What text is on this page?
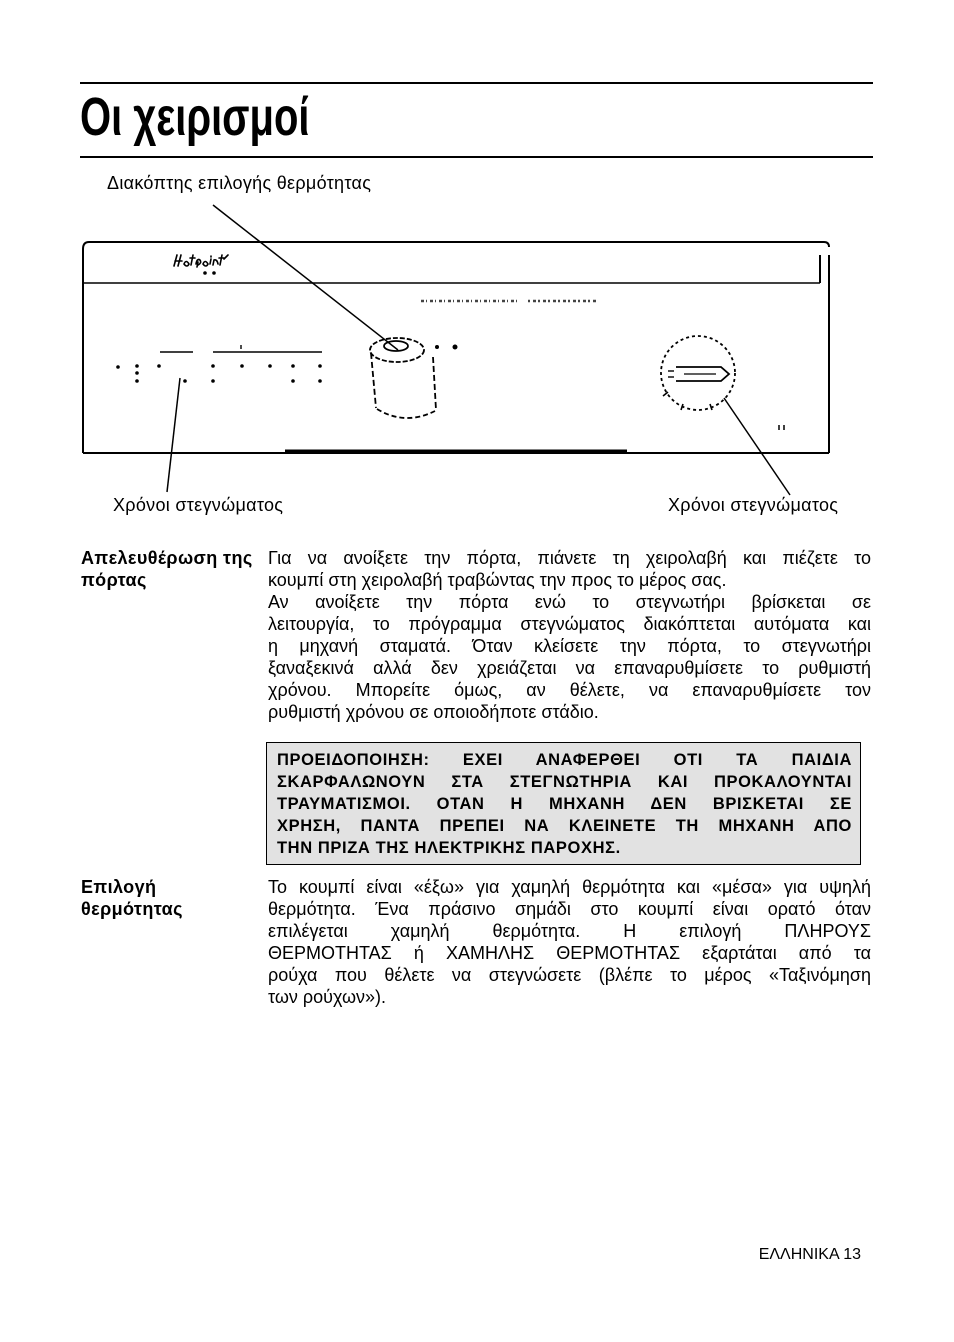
Οι χειρισμοί
Διακόπτης επιλογής θερμότητας
Χρόνοι στεγνώματος	Χρόνοι στεγνώματος
Απελευθέρωση της
πόρτας

Για να ανοίξετε την πόρτα, πιάνετε τη χειρολαβή και πιέζετε το
κουμπί στη χειρολαβή τραβώντας την προς το μέρος σας.

Αν ανοίξετε την πόρτα ενώ το στεγνωτήρι βρίσκεται σε
λειτουργία, το πρόγραμμα στεγνώματος διακόπτεται αυτόματα και
η μηχανή σταματά. Όταν κλείσετε την πόρτα, το στεγνωτήρι
ξαναξεκινά αλλά δεν χρειάζεται να επαναρυθμίσετε το ρυθμιστή
χρόνου. Μπορείτε όμως, αν θέλετε, να επαναρυθμίσετε τον
ρυθμιστή χρόνου σε οποιοδήποτε στάδιο.

ΠΡΟΕΙΔΟΠΟΙΗΣΗ: ΕΧΕΙ ΑΝΑΦΕΡΘΕΙ ΟΤΙ ΤΑ ΠΑΙΔΙΑ
ΣΚΑΡΦΑΛΩΝΟΥΝ ΣΤΑ ΣΤΕΓΝΩΤΗΡΙΑ ΚΑΙ ΠΡΟΚΑΛΟΥΝΤΑΙ
ΤΡΑΥΜΑΤΙΣΜΟΙ. ΟΤΑΝ Η ΜΗΧΑΝΗ ΔΕΝ ΒΡΙΣΚΕΤΑΙ ΣΕ
ΧΡΗΣΗ, ΠΑΝΤΑ ΠΡΕΠΕΙ ΝΑ ΚΛΕΙΝΕΤΕ ΤΗ ΜΗΧΑΝΗ ΑΠΟ
ΤΗΝ ΠΡΙΖΑ ΤΗΣ ΗΛΕΚΤΡΙΚΗΣ ΠΑΡΟΧΗΣ.
Επιλογή
θερμότητας

Το κουμπί είναι «έξω» για χαμηλή θερμότητα και «μέσα» για υψηλή
θερμότητα. Ένα πράσινο σημάδι στο κουμπί είναι ορατό όταν
επιλέγεται χαμηλή θερμότητα. Η επιλογή ΠΛΗΡΟΥΣ
ΘΕΡΜΟΤΗΤΑΣ ή ΧΑΜΗΛΗΣ ΘΕΡΜΟΤΗΤΑΣ εξαρτάται από τα
ρούχα που θέλετε να στεγνώσετε (βλέπε το μέρος «Ταξινόμηση
των ρούχων»).

ΕΛΛΗΝΙΚΑ 13
